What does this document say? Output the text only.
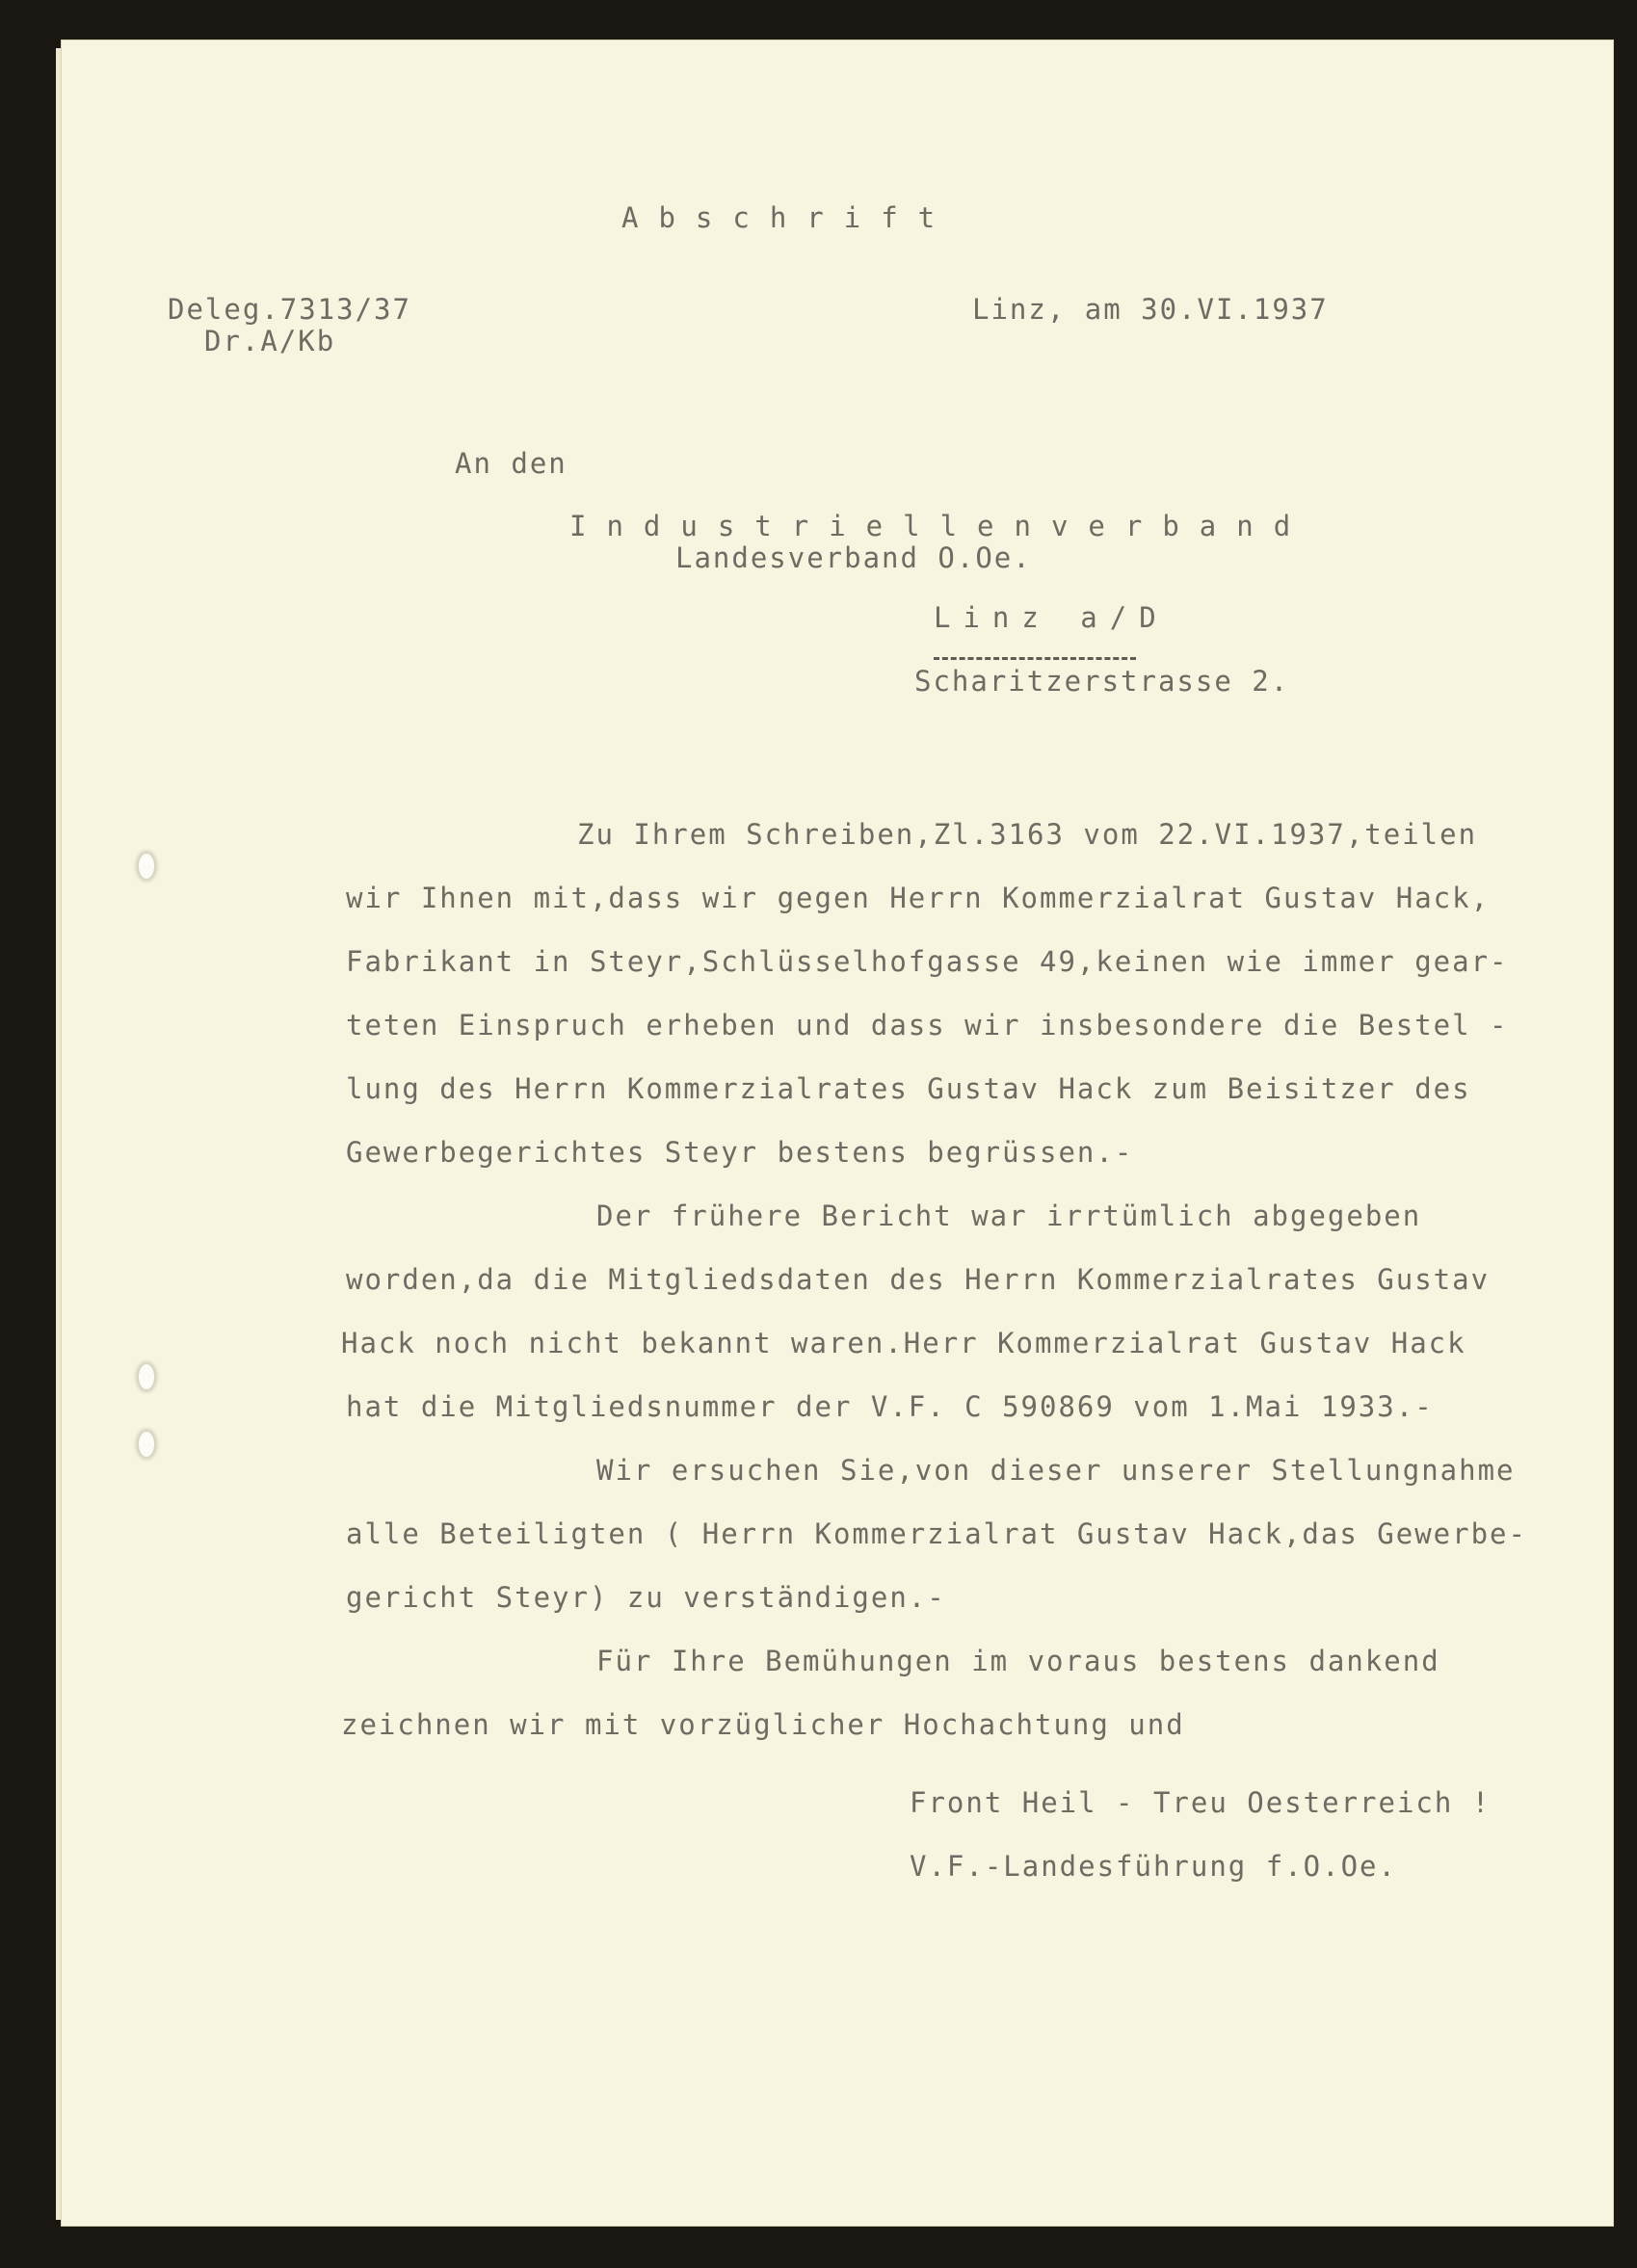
Abschrift
Deleg.7313/37
Dr.A/Kb
Linz, am 30.VI.1937
An den
Industriellenverband
Landesverband O.Oe.
Linz a/D
Scharitzerstrasse 2.
Zu Ihrem Schreiben,Zl.3163 vom 22.VI.1937,teilen
wir Ihnen mit,dass wir gegen Herrn Kommerzialrat Gustav Hack,
Fabrikant in Steyr,Schlüsselhofgasse 49,keinen wie immer gear-
teten Einspruch erheben und dass wir insbesondere die Bestel -
lung des Herrn Kommerzialrates Gustav Hack zum Beisitzer des
Gewerbegerichtes Steyr bestens begrüssen.-
Der frühere Bericht war irrtümlich abgegeben
worden,da die Mitgliedsdaten des Herrn Kommerzialrates Gustav
Hack noch nicht bekannt waren.Herr Kommerzialrat Gustav Hack
hat die Mitgliedsnummer der V.F. C 590869 vom 1.Mai 1933.-
Wir ersuchen Sie,von dieser unserer Stellungnahme
alle Beteiligten ( Herrn Kommerzialrat Gustav Hack,das Gewerbe-
gericht Steyr) zu verständigen.-
Für Ihre Bemühungen im voraus bestens dankend
zeichnen wir mit vorzüglicher Hochachtung und
Front Heil - Treu Oesterreich !
V.F.-Landesführung f.O.Oe.
